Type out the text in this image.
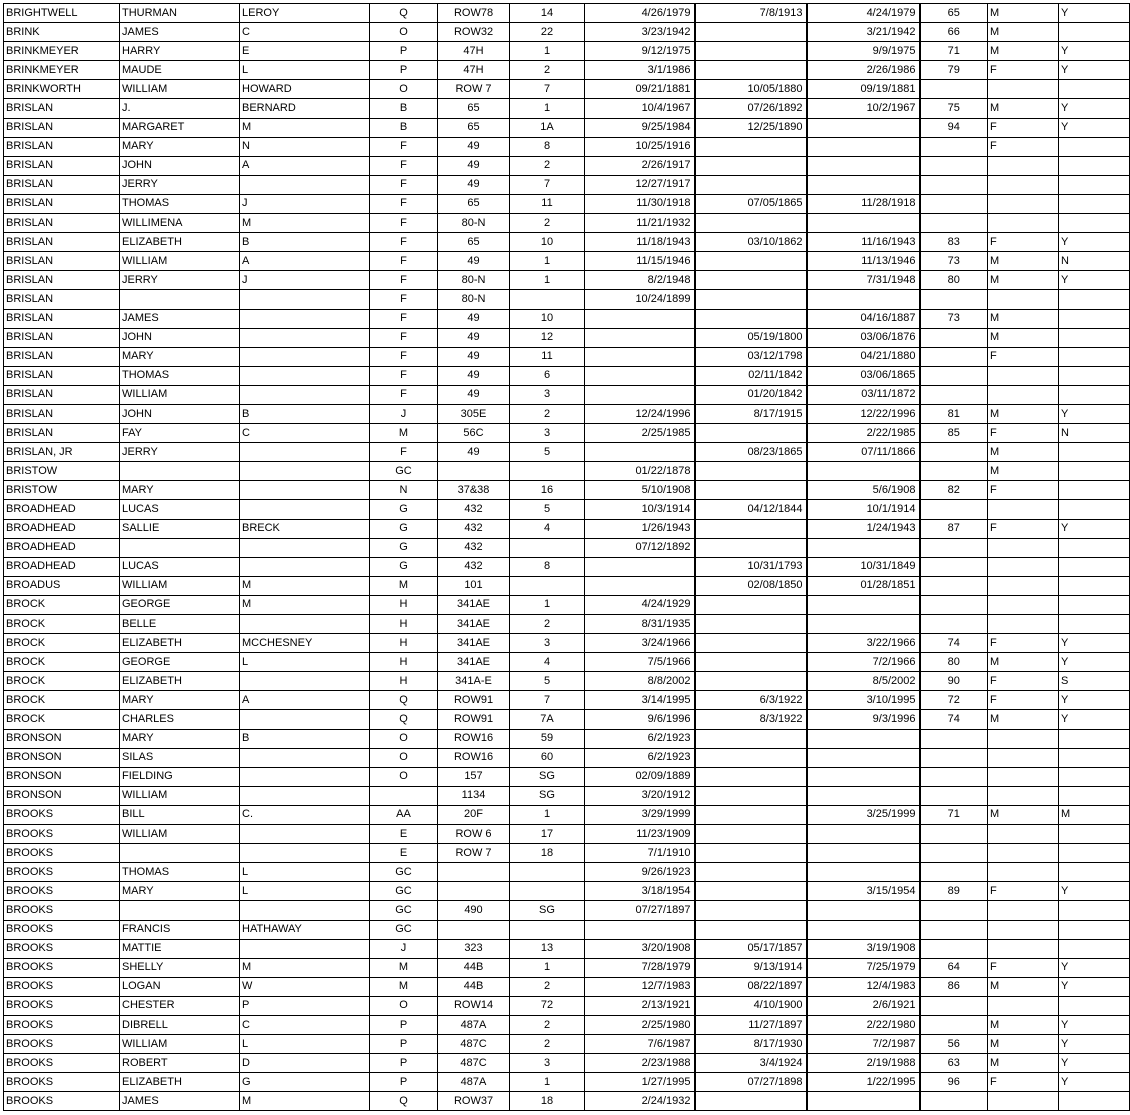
BRIGHTWELL	THURMAN	LEROY	Q	ROW78	14	4/26/1979	7/8/1913	4/24/1979	65	M	Y
BRINK	JAMES	C	O	ROW32	22	3/23/1942		3/21/1942	66	M	
BRINKMEYER	HARRY	E	P	47H	1	9/12/1975		9/9/1975	71	M	Y
BRINKMEYER	MAUDE	L	P	47H	2	3/1/1986		2/26/1986	79	F	Y
BRINKWORTH	WILLIAM	HOWARD	O	ROW 7	7	09/21/1881	10/05/1880	09/19/1881			
BRISLAN	J.	BERNARD	B	65	1	10/4/1967	07/26/1892	10/2/1967	75	M	Y
BRISLAN	MARGARET	M	B	65	1A	9/25/1984	12/25/1890		94	F	Y
BRISLAN	MARY	N	F	49	8	10/25/1916				F	
BRISLAN	JOHN	A	F	49	2	2/26/1917					
BRISLAN	JERRY		F	49	7	12/27/1917					
BRISLAN	THOMAS	J	F	65	11	11/30/1918	07/05/1865	11/28/1918			
BRISLAN	WILLIMENA	M	F	80-N	2	11/21/1932					
BRISLAN	ELIZABETH	B	F	65	10	11/18/1943	03/10/1862	11/16/1943	83	F	Y
BRISLAN	WILLIAM	A	F	49	1	11/15/1946		11/13/1946	73	M	N
BRISLAN	JERRY	J	F	80-N	1	8/2/1948		7/31/1948	80	M	Y
BRISLAN			F	80-N		10/24/1899					
BRISLAN	JAMES		F	49	10			04/16/1887	73	M	
BRISLAN	JOHN		F	49	12		05/19/1800	03/06/1876		M	
BRISLAN	MARY		F	49	11		03/12/1798	04/21/1880		F	
BRISLAN	THOMAS		F	49	6		02/11/1842	03/06/1865			
BRISLAN	WILLIAM		F	49	3		01/20/1842	03/11/1872			
BRISLAN	JOHN	B	J	305E	2	12/24/1996	8/17/1915	12/22/1996	81	M	Y
BRISLAN	FAY	C	M	56C	3	2/25/1985		2/22/1985	85	F	N
BRISLAN, JR	JERRY		F	49	5		08/23/1865	07/11/1866		M	
BRISTOW			GC			01/22/1878				M	
BRISTOW	MARY		N	37&38	16	5/10/1908		5/6/1908	82	F	
BROADHEAD	LUCAS		G	432	5	10/3/1914	04/12/1844	10/1/1914			
BROADHEAD	SALLIE	BRECK	G	432	4	1/26/1943		1/24/1943	87	F	Y
BROADHEAD			G	432		07/12/1892					
BROADHEAD	LUCAS		G	432	8		10/31/1793	10/31/1849			
BROADUS	WILLIAM	M	M	101			02/08/1850	01/28/1851			
BROCK	GEORGE	M	H	341AE	1	4/24/1929					
BROCK	BELLE		H	341AE	2	8/31/1935					
BROCK	ELIZABETH	MCCHESNEY	H	341AE	3	3/24/1966		3/22/1966	74	F	Y
BROCK	GEORGE	L	H	341AE	4	7/5/1966		7/2/1966	80	M	Y
BROCK	ELIZABETH		H	341A-E	5	8/8/2002		8/5/2002	90	F	S
BROCK	MARY	A	Q	ROW91	7	3/14/1995	6/3/1922	3/10/1995	72	F	Y
BROCK	CHARLES		Q	ROW91	7A	9/6/1996	8/3/1922	9/3/1996	74	M	Y
BRONSON	MARY	B	O	ROW16	59	6/2/1923					
BRONSON	SILAS		O	ROW16	60	6/2/1923					
BRONSON	FIELDING		O	157	SG	02/09/1889					
BRONSON	WILLIAM			1134	SG	3/20/1912					
BROOKS	BILL	C.	AA	20F	1	3/29/1999		3/25/1999	71	M	M
BROOKS	WILLIAM		E	ROW 6	17	11/23/1909					
BROOKS			E	ROW 7	18	7/1/1910					
BROOKS	THOMAS	L	GC			9/26/1923					
BROOKS	MARY	L	GC			3/18/1954		3/15/1954	89	F	Y
BROOKS			GC	490	SG	07/27/1897					
BROOKS	FRANCIS	HATHAWAY	GC								
BROOKS	MATTIE		J	323	13	3/20/1908	05/17/1857	3/19/1908			
BROOKS	SHELLY	M	M	44B	1	7/28/1979	9/13/1914	7/25/1979	64	F	Y
BROOKS	LOGAN	W	M	44B	2	12/7/1983	08/22/1897	12/4/1983	86	M	Y
BROOKS	CHESTER	P	O	ROW14	72	2/13/1921	4/10/1900	2/6/1921			
BROOKS	DIBRELL	C	P	487A	2	2/25/1980	11/27/1897	2/22/1980		M	Y
BROOKS	WILLIAM	L	P	487C	2	7/6/1987	8/17/1930	7/2/1987	56	M	Y
BROOKS	ROBERT	D	P	487C	3	2/23/1988	3/4/1924	2/19/1988	63	M	Y
BROOKS	ELIZABETH	G	P	487A	1	1/27/1995	07/27/1898	1/22/1995	96	F	Y
BROOKS	JAMES	M	Q	ROW37	18	2/24/1932					
